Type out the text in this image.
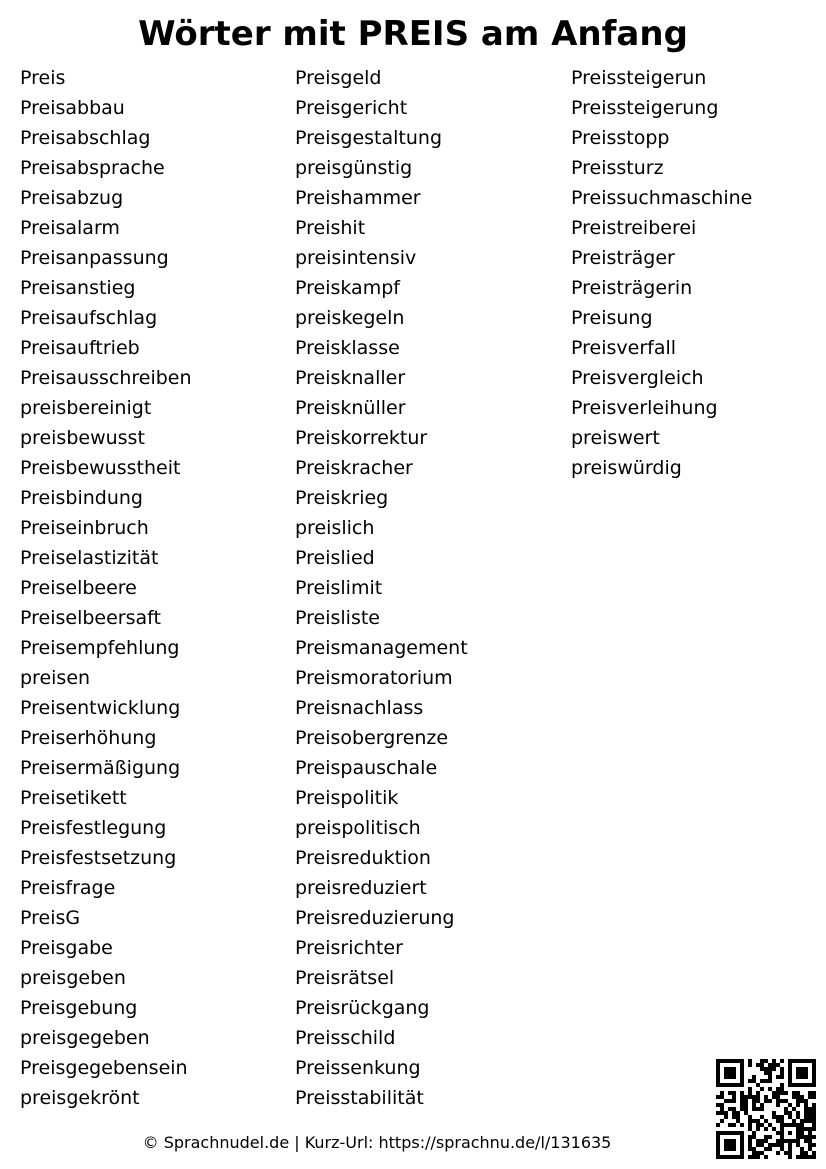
Wörter mit PREIS am Anfang
Preis
Preisabbau
Preisabschlag
Preisabsprache
Preisabzug
Preisalarm
Preisanpassung
Preisanstieg
Preisaufschlag
Preisauftrieb
Preisausschreiben
preisbereinigt
preisbewusst
Preisbewusstheit
Preisbindung
Preiseinbruch
Preiselastizität
Preiselbeere
Preiselbeersaft
Preisempfehlung
preisen
Preisentwicklung
Preiserhöhung
Preisermäßigung
Preisetikett
Preisfestlegung
Preisfestsetzung
Preisfrage
PreisG
Preisgabe
preisgeben
Preisgebung
preisgegeben
Preisgegebensein
preisgekrönt
Preisgeld
Preisgericht
Preisgestaltung
preisgünstig
Preishammer
Preishit
preisintensiv
Preiskampf
preiskegeln
Preisklasse
Preisknaller
Preisknüller
Preiskorrektur
Preiskracher
Preiskrieg
preislich
Preislied
Preislimit
Preisliste
Preismanagement
Preismoratorium
Preisnachlass
Preisobergrenze
Preispauschale
Preispolitik
preispolitisch
Preisreduktion
preisreduziert
Preisreduzierung
Preisrichter
Preisrätsel
Preisrückgang
Preisschild
Preissenkung
Preisstabilität
Preissteigerun
Preissteigerung
Preisstopp
Preissturz
Preissuchmaschine
Preistreiberei
Preisträger
Preisträgerin
Preisung
Preisverfall
Preisvergleich
Preisverleihung
preiswert
preiswürdig
© Sprachnudel.de | Kurz-Url: https://sprachnu.de/l/131635
